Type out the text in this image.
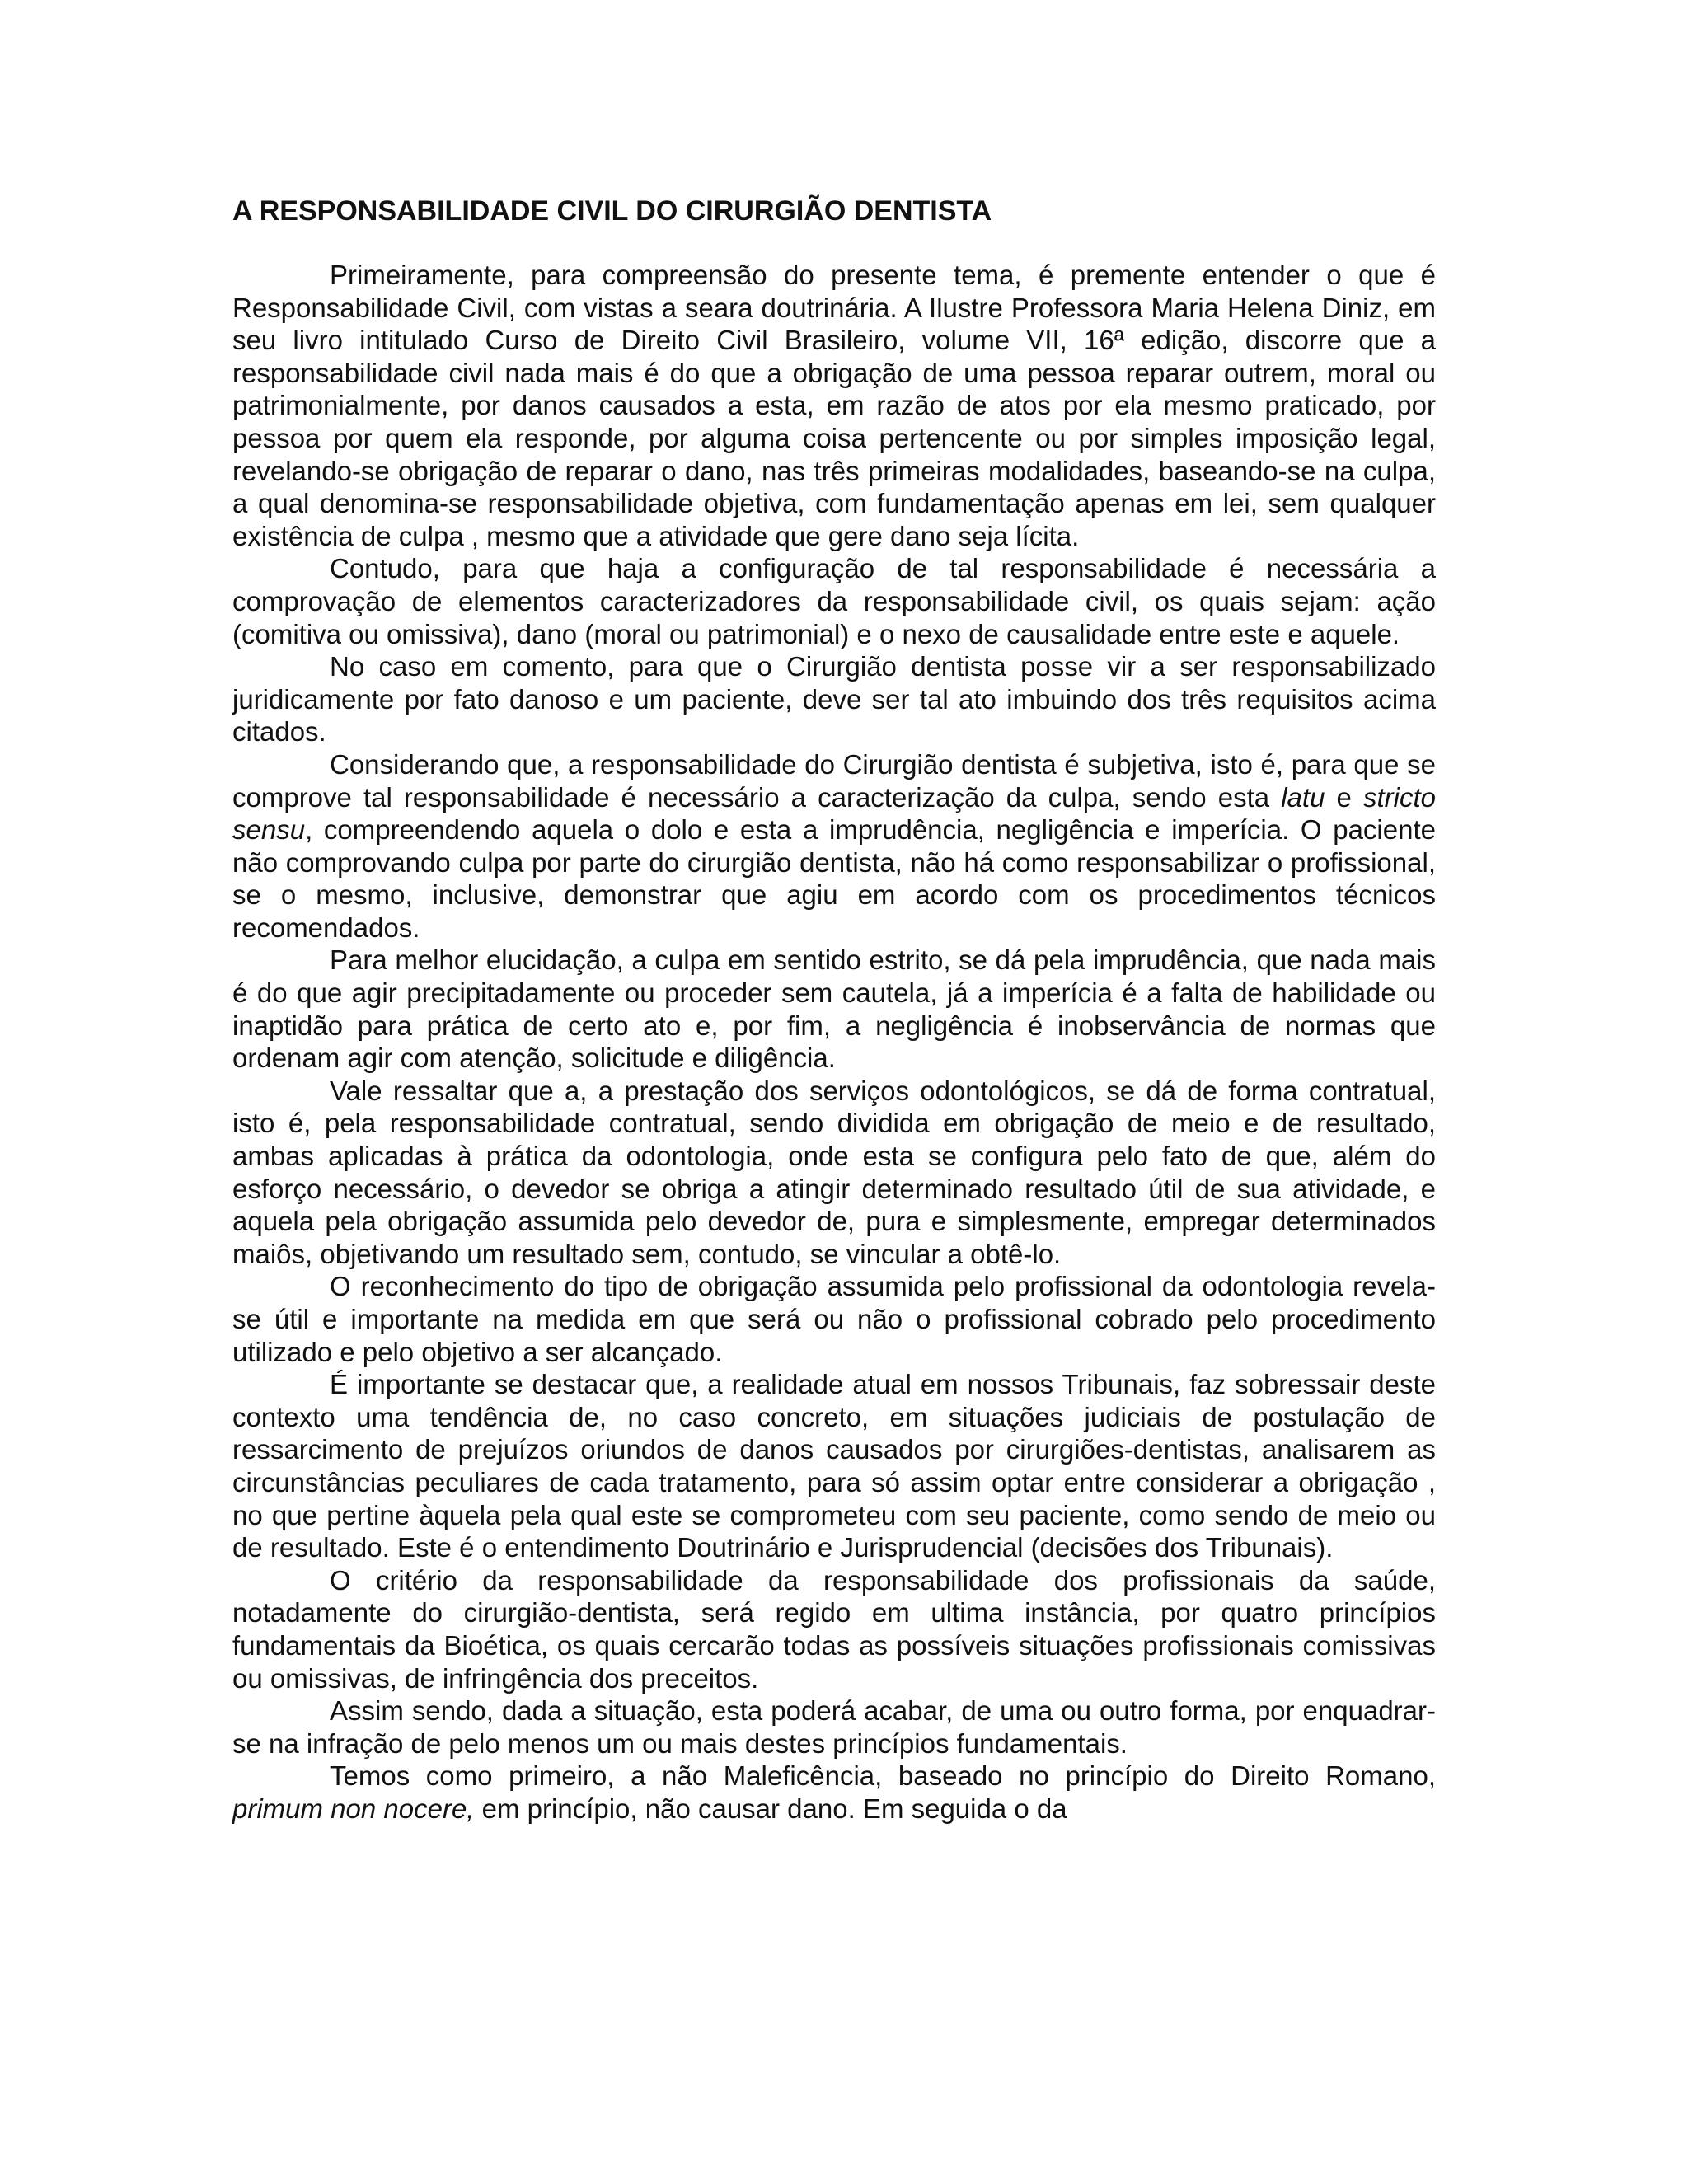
A RESPONSABILIDADE CIVIL DO CIRURGIÃO DENTISTA

Primeiramente, para compreensão do presente tema, é premente entender o que é Responsabilidade Civil, com vistas a seara doutrinária. A Ilustre Professora Maria Helena Diniz, em seu livro intitulado Curso de Direito Civil Brasileiro, volume VII, 16ª edição, discorre que a responsabilidade civil nada mais é do que a obrigação de uma pessoa reparar outrem, moral ou patrimonialmente, por danos causados a esta, em razão de atos por ela mesmo praticado, por pessoa por quem ela responde, por alguma coisa pertencente ou por simples imposição legal, revelando-se obrigação de reparar o dano, nas três primeiras modalidades, baseando-se na culpa, a qual denomina-se responsabilidade objetiva, com fundamentação apenas em lei, sem qualquer existência de culpa , mesmo que a atividade que gere dano seja lícita.

Contudo, para que haja a configuração de tal responsabilidade é necessária a comprovação de elementos caracterizadores da responsabilidade civil, os quais sejam: ação (comitiva ou omissiva), dano (moral ou patrimonial) e o nexo de causalidade entre este e aquele.

No caso em comento, para que o Cirurgião dentista posse vir a ser responsabilizado juridicamente por fato danoso e um paciente, deve ser tal ato imbuindo dos três requisitos acima citados.

Considerando que, a responsabilidade do Cirurgião dentista é subjetiva, isto é, para que se comprove tal responsabilidade é necessário a caracterização da culpa, sendo esta latu e stricto sensu, compreendendo aquela o dolo e esta a imprudência, negligência e imperícia. O paciente não comprovando culpa por parte do cirurgião dentista, não há como responsabilizar o profissional, se o mesmo, inclusive, demonstrar que agiu em acordo com os procedimentos técnicos recomendados.

Para melhor elucidação, a culpa em sentido estrito, se dá pela imprudência, que nada mais é do que agir precipitadamente ou proceder sem cautela, já a imperícia é a falta de habilidade ou inaptidão para prática de certo ato e, por fim, a negligência é inobservância de normas que ordenam agir com atenção, solicitude e diligência.

Vale ressaltar que a, a prestação dos serviços odontológicos, se dá de forma contratual, isto é, pela responsabilidade contratual, sendo dividida em obrigação de meio e de resultado, ambas aplicadas à prática da odontologia, onde esta se configura pelo fato de que, além do esforço necessário, o devedor se obriga a atingir determinado resultado útil de sua atividade, e aquela pela obrigação assumida pelo devedor de, pura e simplesmente, empregar determinados maiôs, objetivando um resultado sem, contudo, se vincular a obtê-lo.

O reconhecimento do tipo de obrigação assumida pelo profissional da odontologia revela-se útil e importante na medida em que será ou não o profissional cobrado pelo procedimento utilizado e pelo objetivo a ser alcançado.

É importante se destacar que, a realidade atual em nossos Tribunais, faz sobressair deste contexto uma tendência de, no caso concreto, em situações judiciais de postulação de ressarcimento de prejuízos oriundos de danos causados por cirurgiões-dentistas, analisarem as circunstâncias peculiares de cada tratamento, para só assim optar entre considerar a obrigação , no que pertine àquela pela qual este se comprometeu com seu paciente, como sendo de meio ou de resultado. Este é o entendimento Doutrinário e Jurisprudencial (decisões dos Tribunais).

O critério da responsabilidade da responsabilidade dos profissionais da saúde, notadamente do cirurgião-dentista, será regido em ultima instância, por quatro princípios fundamentais da Bioética, os quais cercarão todas as possíveis situações profissionais comissivas ou omissivas, de infringência dos preceitos.

Assim sendo, dada a situação, esta poderá acabar, de uma ou outro forma, por enquadrar-se na infração de pelo menos um ou mais destes princípios fundamentais.

Temos como primeiro, a não Maleficência, baseado no princípio do Direito Romano, primum non nocere, em princípio, não causar dano. Em seguida o da
